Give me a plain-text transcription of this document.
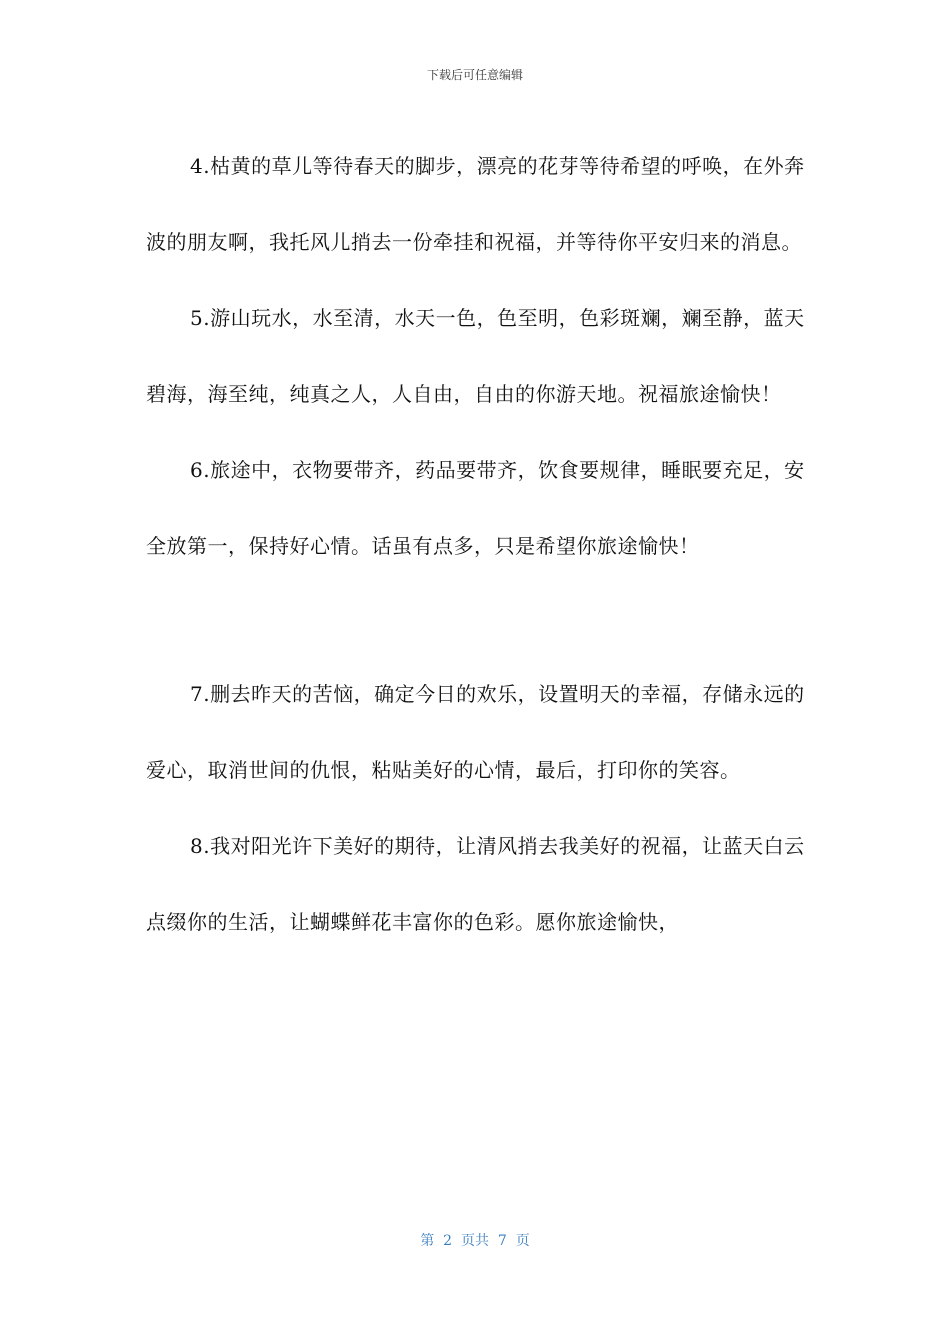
下载后可任意编辑

4.枯黄的草儿等待春天的脚步，漂亮的花芽等待希望的呼唤，在外奔波的朋友啊，我托风儿捎去一份牵挂和祝福，并等待你平安归来的消息。

5.游山玩水，水至清，水天一色，色至明，色彩斑斓，斓至静，蓝天碧海，海至纯，纯真之人，人自由，自由的你游天地。祝福旅途愉快！

6.旅途中，衣物要带齐，药品要带齐，饮食要规律，睡眠要充足，安全放第一，保持好心情。话虽有点多，只是希望你旅途愉快！

7.删去昨天的苦恼，确定今日的欢乐，设置明天的幸福，存储永远的爱心，取消世间的仇恨，粘贴美好的心情，最后，打印你的笑容。

8.我对阳光许下美好的期待，让清风捎去我美好的祝福，让蓝天白云点缀你的生活，让蝴蝶鲜花丰富你的色彩。愿你旅途愉快，

第  2  页共  7  页
